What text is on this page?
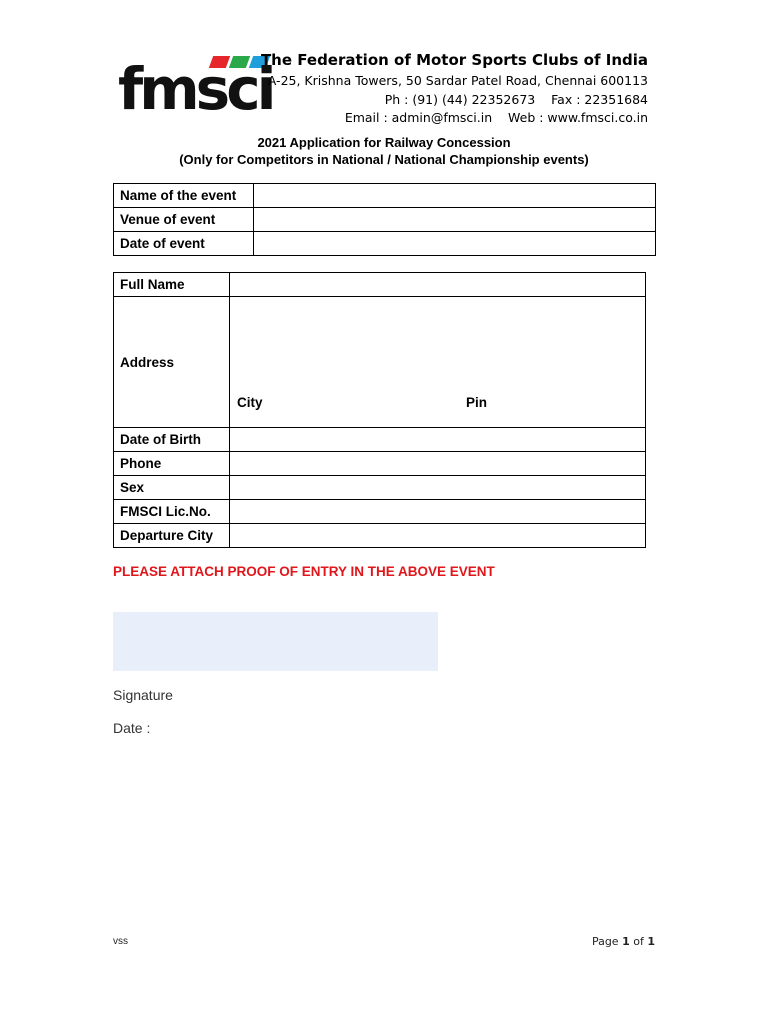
fmsci
The Federation of Motor Sports Clubs of India
A-25, Krishna Towers, 50 Sardar Patel Road, Chennai 600113
Ph : (91) (44) 22352673    Fax : 22351684
Email : admin@fmsci.in    Web : www.fmsci.co.in
2021 Application for Railway Concession
(Only for Competitors in National / National Championship events)
Name of the event	
Venue of event	
Date of event	
Full Name	
Address	City Pin

Date of Birth	
Phone	
Sex	
FMSCI Lic.No.	
Departure City	
PLEASE ATTACH PROOF OF ENTRY IN THE ABOVE EVENT
Signature
Date :
vss	Page 1 of 1
